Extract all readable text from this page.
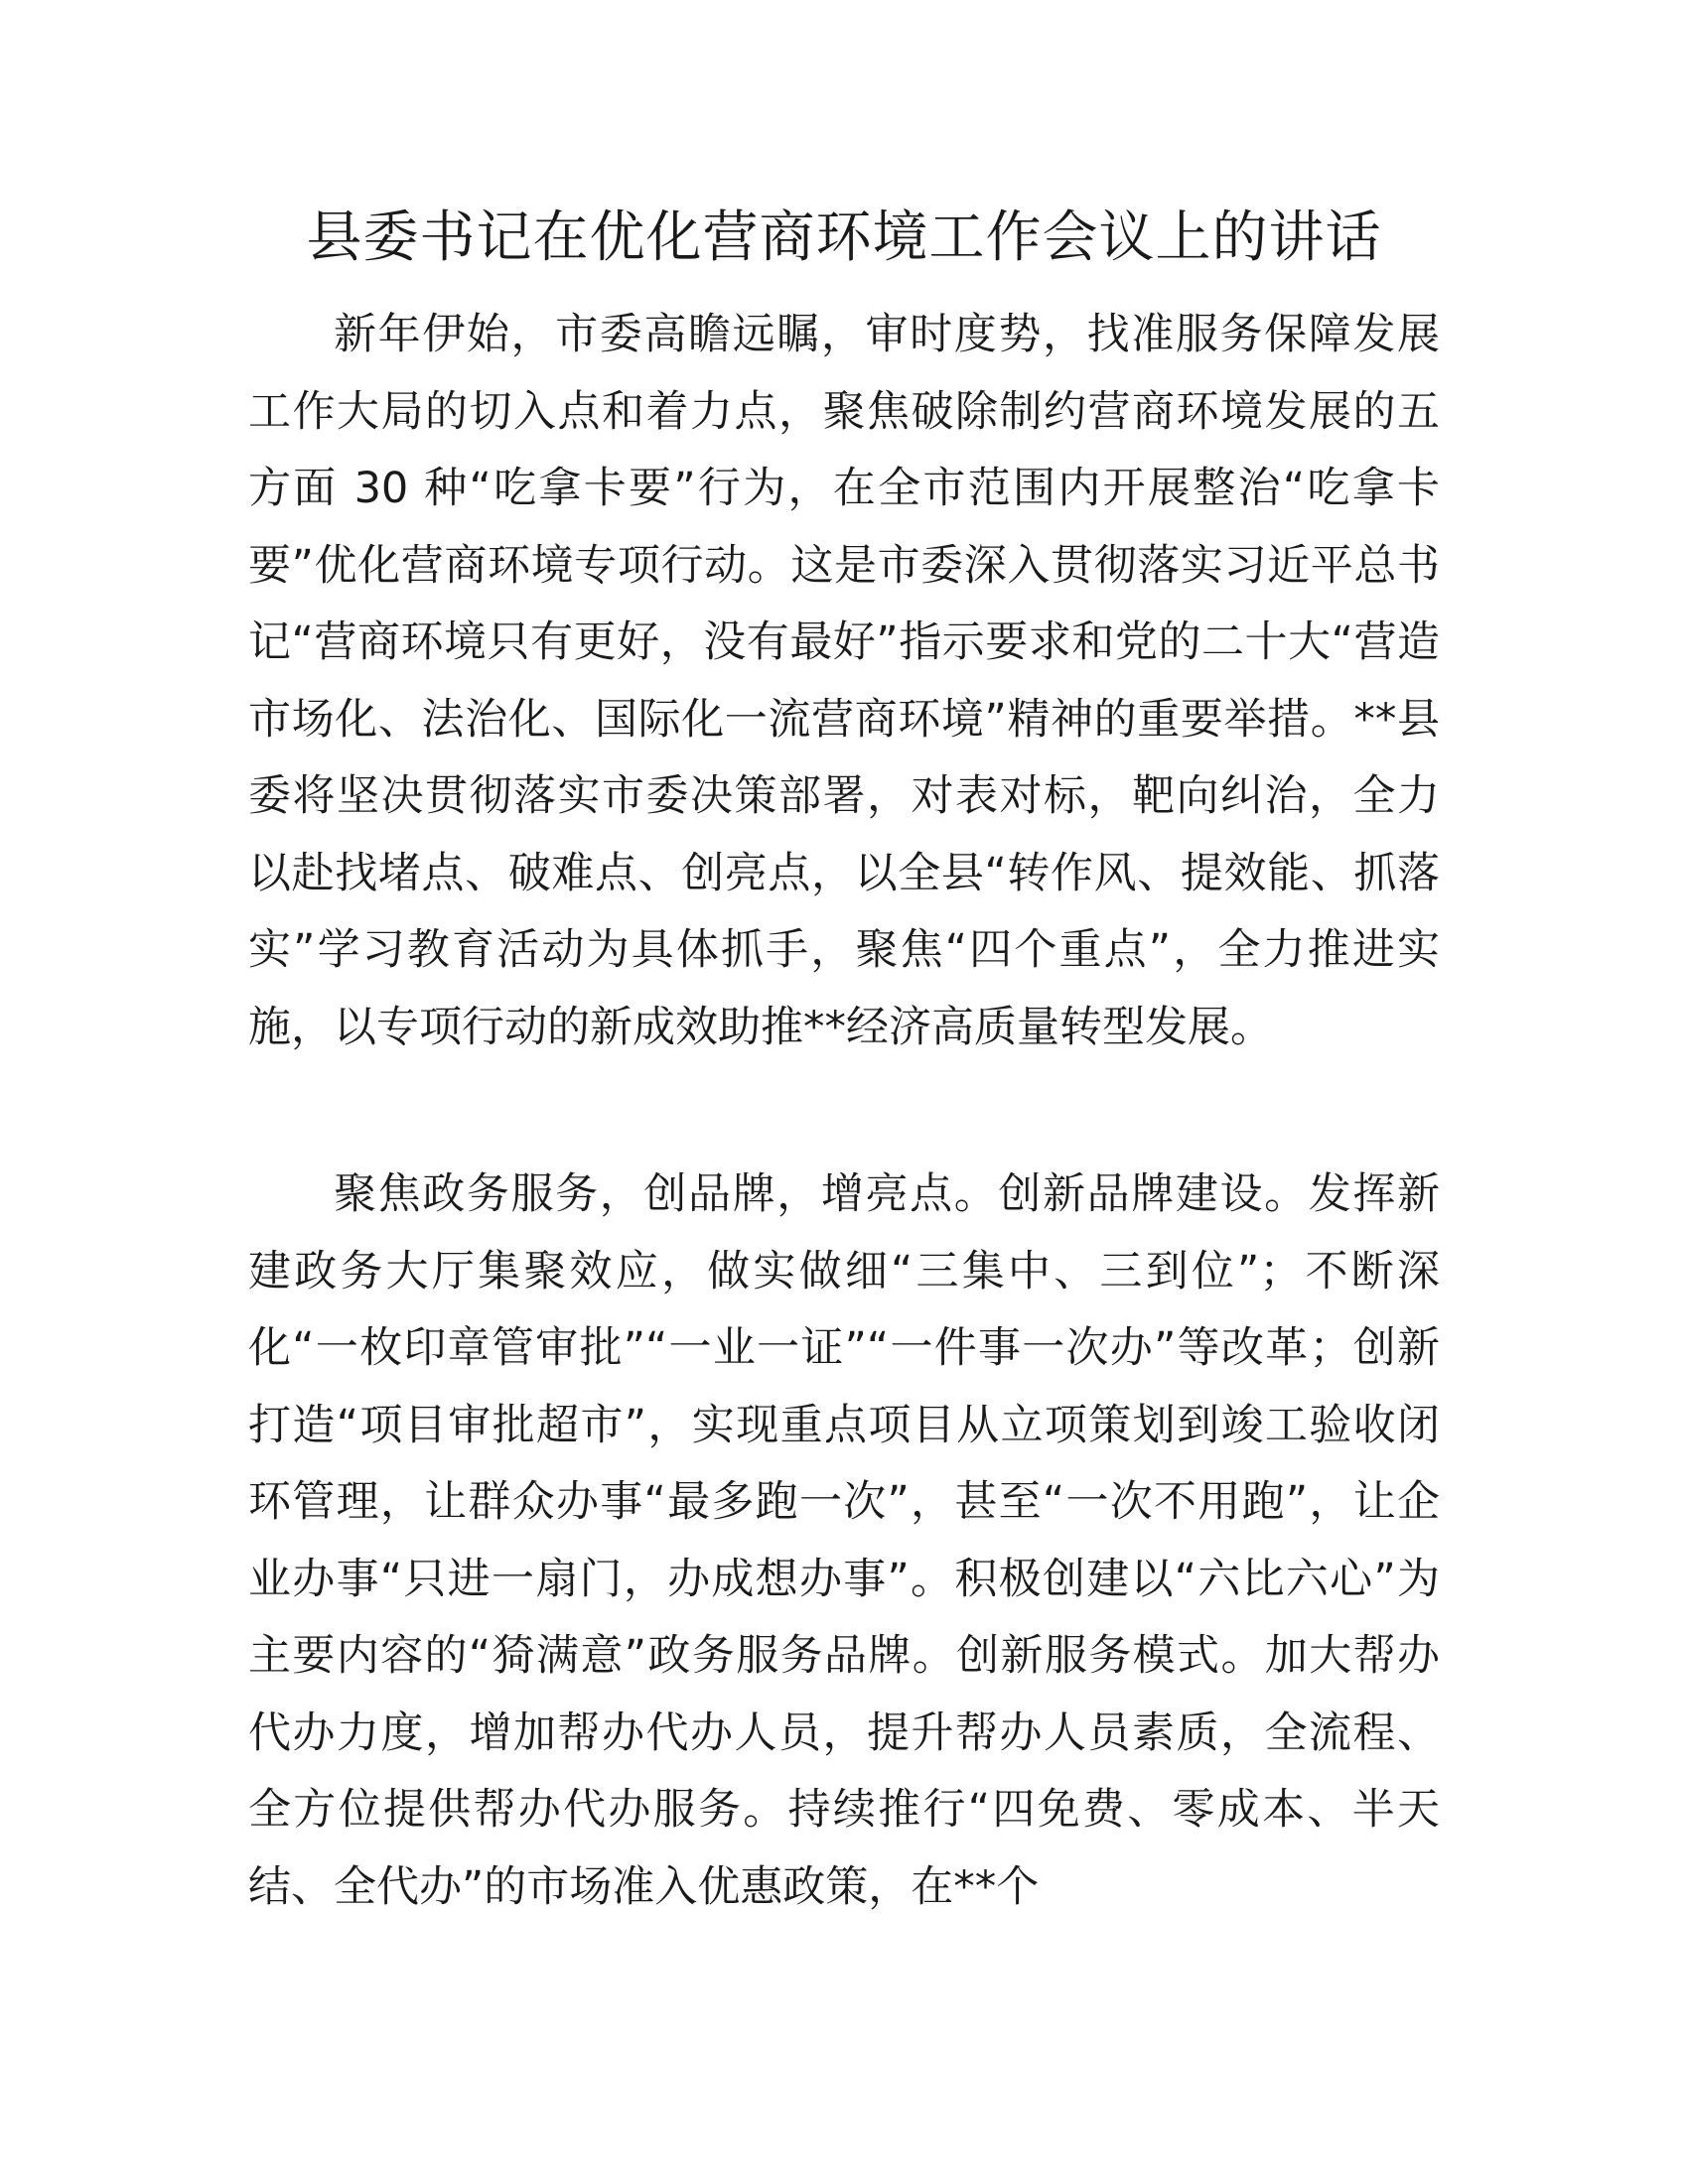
县委书记在优化营商环境工作会议上的讲话

新年伊始，市委高瞻远瞩，审时度势，找准服务保障发展工作大局的切入点和着力点，聚焦破除制约营商环境发展的五方面 30 种“吃拿卡要”行为，在全市范围内开展整治“吃拿卡要”优化营商环境专项行动。这是市委深入贯彻落实习近平总书记“营商环境只有更好，没有最好”指示要求和党的二十大“营造市场化、法治化、国际化一流营商环境”精神的重要举措。**县委将坚决贯彻落实市委决策部署，对表对标，靶向纠治，全力以赴找堵点、破难点、创亮点，以全县“转作风、提效能、抓落实”学习教育活动为具体抓手，聚焦“四个重点”，全力推进实施，以专项行动的新成效助推**经济高质量转型发展。

聚焦政务服务，创品牌，增亮点。创新品牌建设。发挥新建政务大厅集聚效应，做实做细“三集中、三到位”；不断深化“一枚印章管审批”“一业一证”“一件事一次办”等改革；创新打造“项目审批超市”，实现重点项目从立项策划到竣工验收闭环管理，让群众办事“最多跑一次”，甚至“一次不用跑”，让企业办事“只进一扇门，办成想办事”。积极创建以“六比六心”为主要内容的“猗满意”政务服务品牌。创新服务模式。加大帮办代办力度，增加帮办代办人员，提升帮办人员素质，全流程、全方位提供帮办代办服务。持续推行“四免费、零成本、半天结、全代办”的市场准入优惠政策，在**个
